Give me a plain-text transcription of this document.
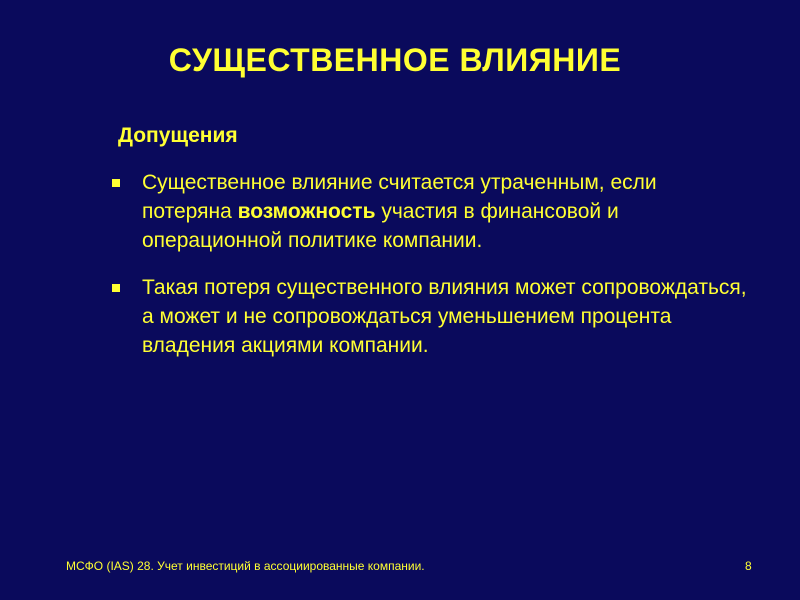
СУЩЕСТВЕННОЕ ВЛИЯНИЕ

Допущения

Существенное влияние считается утраченным, если потеряна возможность участия в финансовой и операционной политике компании.
Такая потеря существенного влияния может сопровождаться, а может и не сопровождаться уменьшением процента владения акциями компании.

МСФО (IAS) 28. Учет инвестиций в ассоциированные компании.	8
